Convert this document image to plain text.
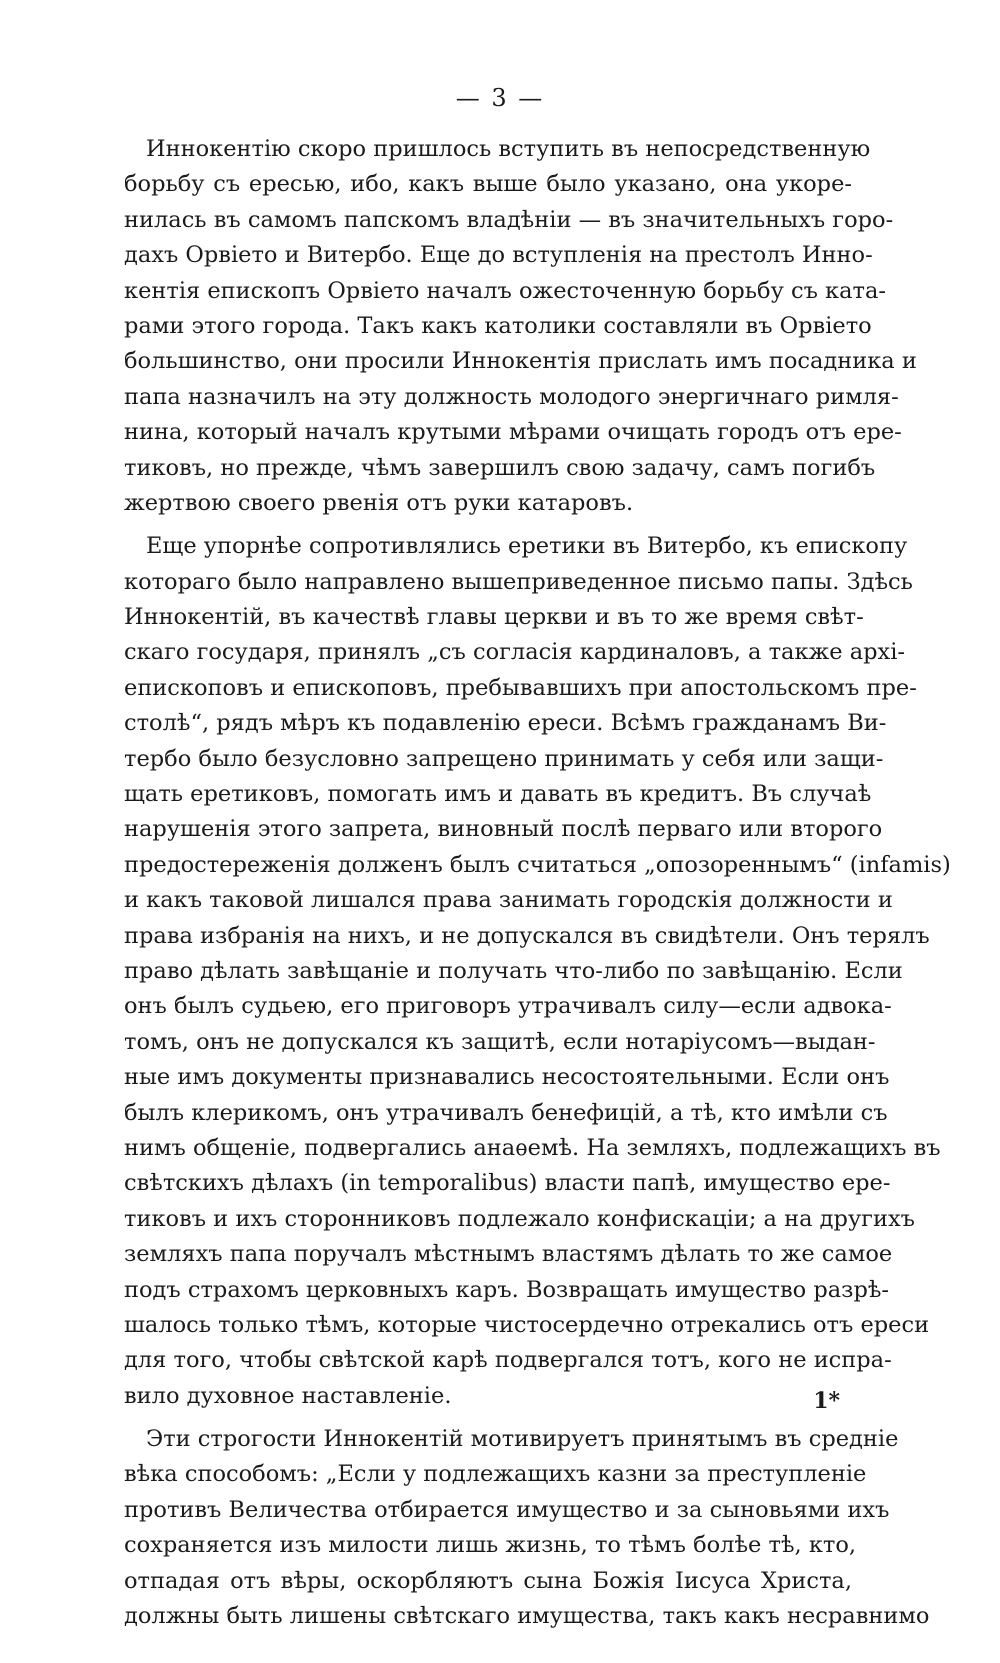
— 3 —
Иннокентію скоро пришлось вступить въ непосредственную
борьбу съ ересью, ибо, какъ выше было указано, она укоре-
нилась въ самомъ папскомъ владѣніи — въ значительныхъ горо-
дахъ Орвіето и Витербо. Еще до вступленія на престолъ Инно-
кентія епископъ Орвіето началъ ожесточенную борьбу съ ката-
рами этого города. Такъ какъ католики составляли въ Орвіето
большинство, они просили Иннокентія прислать имъ посадника и
папа назначилъ на эту должность молодого энергичнаго римля-
нина, который началъ крутыми мѣрами очищать городъ отъ ере-
тиковъ, но прежде, чѣмъ завершилъ свою задачу, самъ погибъ
жертвою своего рвенія отъ руки катаровъ.
Еще упорнѣе сопротивлялись еретики въ Витербо, къ епископу
котораго было направлено вышеприведенное письмо папы. Здѣсь
Иннокентій, въ качествѣ главы церкви и въ то же время свѣт-
скаго государя, принялъ „съ согласія кардиналовъ, а также архі-
епископовъ и епископовъ, пребывавшихъ при апостольскомъ пре-
столѣ“, рядъ мѣръ къ подавленію ереси. Всѣмъ гражданамъ Ви-
тербо было безусловно запрещено принимать у себя или защи-
щать еретиковъ, помогать имъ и давать въ кредитъ. Въ случаѣ
нарушенія этого запрета, виновный послѣ перваго или второго
предостереженія долженъ былъ считаться „опозореннымъ“ (infamis)
и какъ таковой лишался права занимать городскія должности и
права избранія на нихъ, и не допускался въ свидѣтели. Онъ терялъ
право дѣлать завѣщаніе и получать что-либо по завѣщанію. Если
онъ былъ судьею, его приговоръ утрачивалъ силу—если адвока-
томъ, онъ не допускался къ защитѣ, если нотаріусомъ—выдан-
ные имъ документы признавались несостоятельными. Если онъ
былъ клерикомъ, онъ утрачивалъ бенефицій, а тѣ, кто имѣли съ
нимъ общеніе, подвергались анаѳемѣ. На земляхъ, подлежащихъ въ
свѣтскихъ дѣлахъ (in temporalibus) власти папѣ, имущество ере-
тиковъ и ихъ сторонниковъ подлежало конфискаціи; а на другихъ
земляхъ папа поручалъ мѣстнымъ властямъ дѣлать то же самое
подъ страхомъ церковныхъ каръ. Возвращать имущество разрѣ-
шалось только тѣмъ, которые чистосердечно отрекались отъ ереси
для того, чтобы свѣтской карѣ подвергался тотъ, кого не испра-
вило духовное наставленіе.
Эти строгости Иннокентій мотивируетъ принятымъ въ средніе
вѣка способомъ: „Если у подлежащихъ казни за преступленіе
противъ Величества отбирается имущество и за сыновьями ихъ
сохраняется изъ милости лишь жизнь, то тѣмъ болѣе тѣ, кто,
отпадая отъ вѣры, оскорбляютъ сына Божія Іисуса Христа,
должны быть лишены свѣтскаго имущества, такъ какъ несравнимо
1*
